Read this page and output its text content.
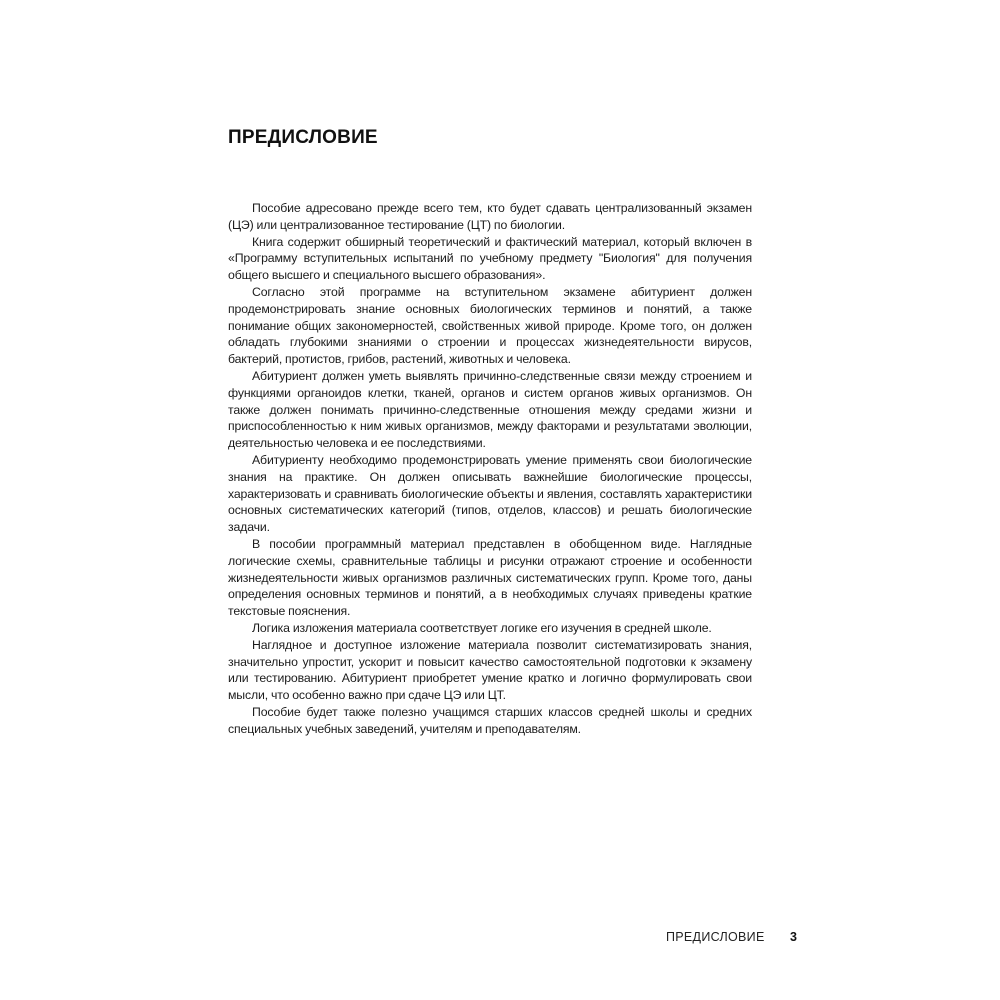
ПРЕДИСЛОВИЕ

Пособие адресовано прежде всего тем, кто будет сдавать централизованный экзамен (ЦЭ) или централизованное тестирование (ЦТ) по биологии.

Книга содержит обширный теоретический и фактический материал, который включен в «Программу вступительных испытаний по учебному предмету "Биология" для получения общего высшего и специального высшего образования».

Согласно этой программе на вступительном экзамене абитуриент должен продемонстрировать знание основных биологических терминов и понятий, а также понимание общих закономерностей, свойственных живой природе. Кроме того, он должен обладать глубокими знаниями о строении и процессах жизнедеятельности вирусов, бактерий, протистов, грибов, растений, животных и человека.

Абитуриент должен уметь выявлять причинно-следственные связи между строением и функциями органоидов клетки, тканей, органов и систем органов живых организмов. Он также должен понимать причинно-следственные отношения между средами жизни и приспособленностью к ним живых организмов, между факторами и результатами эволюции, деятельностью человека и ее последствиями.

Абитуриенту необходимо продемонстрировать умение применять свои биологические знания на практике. Он должен описывать важнейшие биологические процессы, характеризовать и сравнивать биологические объекты и явления, составлять характеристики основных систематических категорий (типов, отделов, классов) и решать биологические задачи.

В пособии программный материал представлен в обобщенном виде. Наглядные логические схемы, сравнительные таблицы и рисунки отражают строение и особенности жизнедеятельности живых организмов различных систематических групп. Кроме того, даны определения основных терминов и понятий, а в необходимых случаях приведены краткие текстовые пояснения.

Логика изложения материала соответствует логике его изучения в средней школе.

Наглядное и доступное изложение материала позволит систематизировать знания, значительно упростит, ускорит и повысит качество самостоятельной подготовки к экзамену или тестированию. Абитуриент приобретет умение кратко и логично формулировать свои мысли, что особенно важно при сдаче ЦЭ или ЦТ.

Пособие будет также полезно учащимся старших классов средней школы и средних специальных учебных заведений, учителям и преподавателям.

ПРЕДИСЛОВИЕ 3
